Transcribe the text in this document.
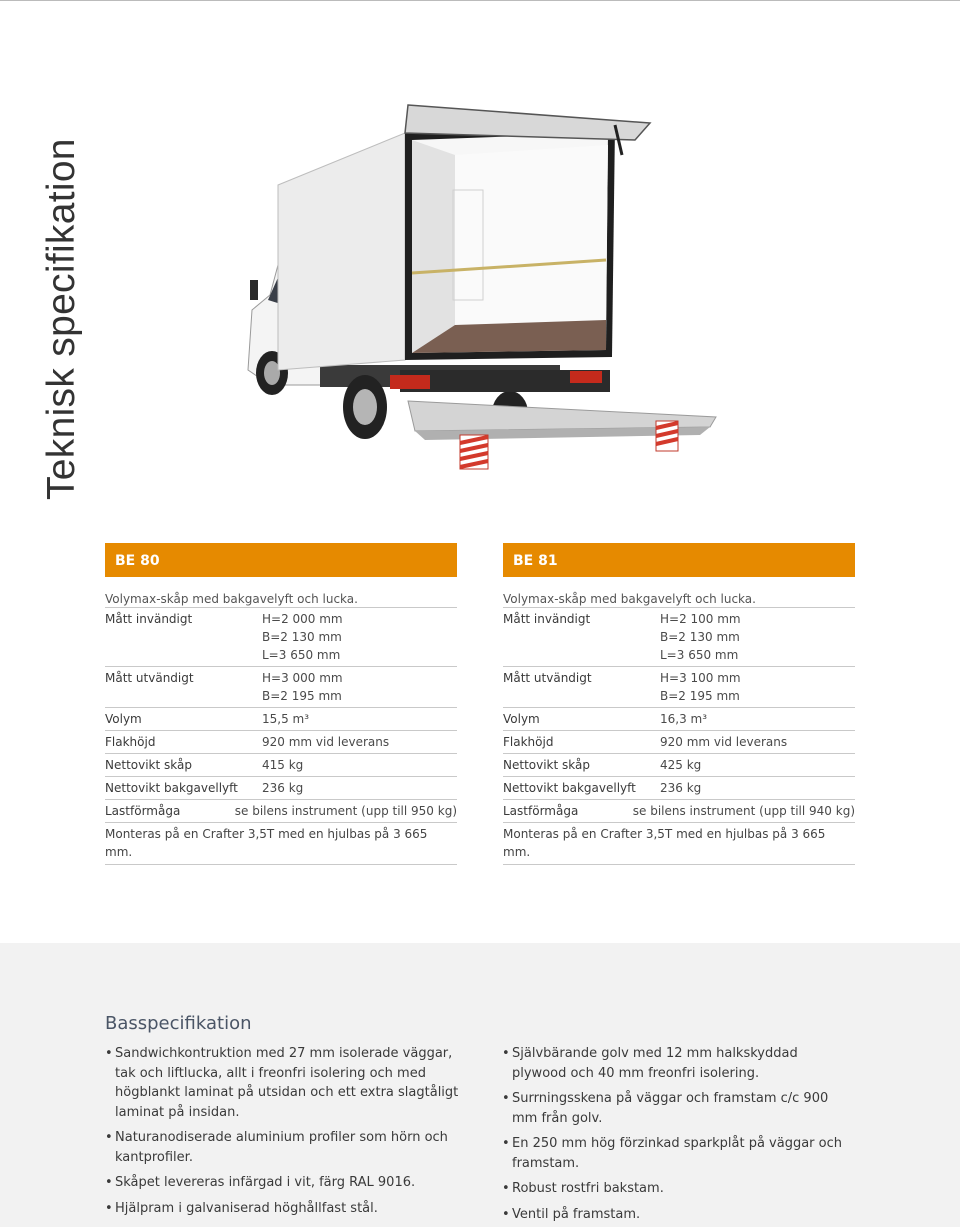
Teknisk specifikation
BE 80
Volymax-skåp med bakgavelyft och lucka.
Mått invändigt	H=2 000 mm
B=2 130 mm
L=3 650 mm
Mått utvändigt	H=3 000 mm
B=2 195 mm
Volym	15,5 m³
Flakhöjd	920 mm vid leverans
Nettovikt skåp	415 kg
Nettovikt bakgavellyft	236 kg
Lastförmåga	se bilens instrument (upp till 950 kg)
Monteras på en Crafter 3,5T med en hjulbas på 3 665 mm.
BE 81
Volymax-skåp med bakgavelyft och lucka.
Mått invändigt	H=2 100 mm
B=2 130 mm
L=3 650 mm
Mått utvändigt	H=3 100 mm
B=2 195 mm
Volym	16,3 m³
Flakhöjd	920 mm vid leverans
Nettovikt skåp	425 kg
Nettovikt bakgavellyft	236 kg
Lastförmåga	se bilens instrument (upp till 940 kg)
Monteras på en Crafter 3,5T med en hjulbas på 3 665 mm.
Basspecifikation
• Sandwichkontruktion med 27 mm isolerade väggar, tak och liftlucka, allt i freonfri isolering och med högblankt laminat på utsidan och ett extra slagtåligt laminat på insidan.
• Naturanodiserade aluminium profiler som hörn och kantprofiler.
• Skåpet levereras infärgad i vit, färg RAL 9016.
• Hjälpram i galvaniserad höghållfast stål.
• Självbärande golv med 12 mm halkskyddad plywood och 40 mm freonfri isolering.
• Surrningsskena på väggar och framstam c/c 900 mm från golv.
• En 250 mm hög förzinkad sparkplåt på väggar och framstam.
• Robust rostfri bakstam.
• Ventil på framstam.
